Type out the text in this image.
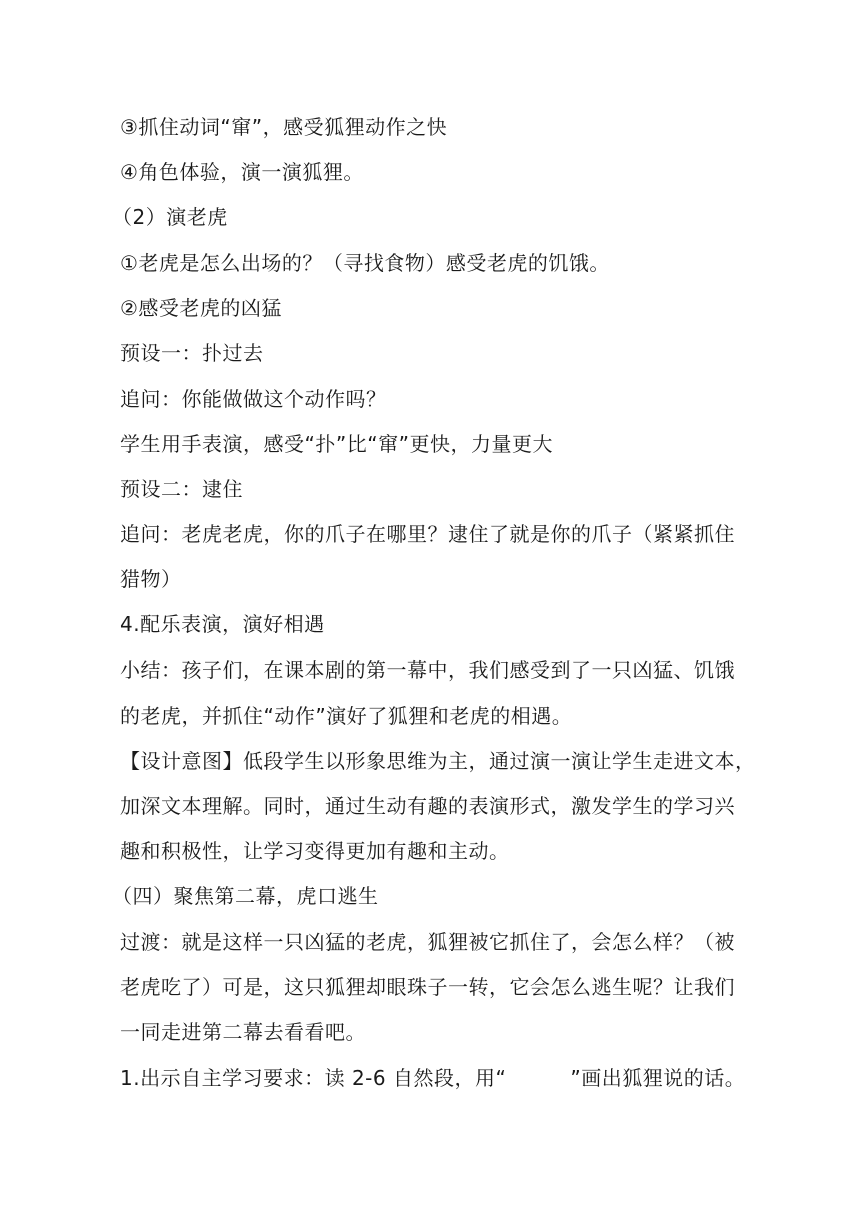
③抓住动词“窜”，感受狐狸动作之快
④角色体验，演一演狐狸。
（2）演老虎
①老虎是怎么出场的？（寻找食物）感受老虎的饥饿。
②感受老虎的凶猛
预设一：扑过去
追问：你能做做这个动作吗？
学生用手表演，感受“扑”比“窜”更快，力量更大
预设二：逮住
追问：老虎老虎，你的爪子在哪里？逮住了就是你的爪子（紧紧抓住
猎物）
4.配乐表演，演好相遇
小结：孩子们，在课本剧的第一幕中，我们感受到了一只凶猛、饥饿
的老虎，并抓住“动作”演好了狐狸和老虎的相遇。
【设计意图】低段学生以形象思维为主，通过演一演让学生走进文本，
加深文本理解。同时，通过生动有趣的表演形式，激发学生的学习兴
趣和积极性，让学习变得更加有趣和主动。
（四）聚焦第二幕，虎口逃生
过渡：就是这样一只凶猛的老虎，狐狸被它抓住了，会怎么样？（被
老虎吃了）可是，这只狐狸却眼珠子一转，它会怎么逃生呢？让我们
一同走进第二幕去看看吧。
1.出示自主学习要求：读 2-6 自然段，用“	”画出狐狸说的话。
